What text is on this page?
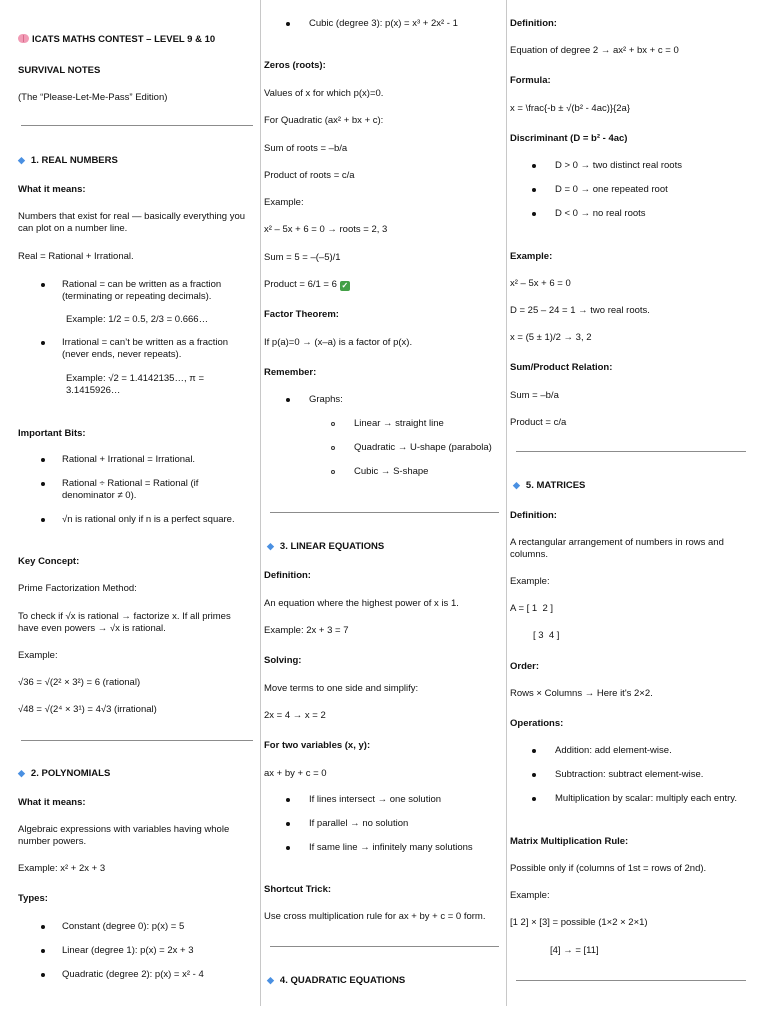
ICATS MATHS CONTEST – LEVEL 9 & 10
SURVIVAL NOTES
(The “Please-Let-Me-Pass” Edition)
◆ 1. REAL NUMBERS
What it means:
Numbers that exist for real — basically everything you can plot on a number line.
Real = Rational + Irrational.
Rational = can be written as a fraction (terminating or repeating decimals).
Example: 1/2 = 0.5, 2/3 = 0.666…
Irrational = can’t be written as a fraction (never ends, never repeats).
Example: √2 = 1.4142135…, π = 3.1415926…
Important Bits:
Rational + Irrational = Irrational.
Rational ÷ Rational = Rational (if denominator ≠ 0).
√n is rational only if n is a perfect square.
Key Concept:
Prime Factorization Method:
To check if √x is rational → factorize x. If all primes have even powers → √x is rational.
Example:
√36 = √(2² × 3²) = 6 (rational)
√48 = √(2⁴ × 3¹) = 4√3 (irrational)
◆ 2. POLYNOMIALS
What it means:
Algebraic expressions with variables having whole number powers.
Example: x² + 2x + 3
Types:
Constant (degree 0): p(x) = 5
Linear (degree 1): p(x) = 2x + 3
Quadratic (degree 2): p(x) = x² - 4
Cubic (degree 3): p(x) = x³ + 2x² - 1
Zeros (roots):
Values of x for which p(x)=0.
For Quadratic (ax² + bx + c):
Sum of roots = –b/a
Product of roots = c/a
Example:
x² – 5x + 6 = 0 → roots = 2, 3
Sum = 5 = –(–5)/1
Product = 6/1 = 6 ✓
Factor Theorem:
If p(a)=0 → (x–a) is a factor of p(x).
Remember:
Graphs:
Linear → straight line
Quadratic → U-shape (parabola)
Cubic → S-shape
◆ 3. LINEAR EQUATIONS
Definition:
An equation where the highest power of x is 1.
Example: 2x + 3 = 7
Solving:
Move terms to one side and simplify:
2x = 4 → x = 2
For two variables (x, y):
ax + by + c = 0
If lines intersect → one solution
If parallel → no solution
If same line → infinitely many solutions
Shortcut Trick:
Use cross multiplication rule for ax + by + c = 0 form.
◆ 4. QUADRATIC EQUATIONS
Definition:
Equation of degree 2 → ax² + bx + c = 0
Formula:
x = \frac{-b ± √(b² - 4ac)}{2a}
Discriminant (D = b² - 4ac)
D > 0 → two distinct real roots
D = 0 → one repeated root
D < 0 → no real roots
Example:
x² – 5x + 6 = 0
D = 25 – 24 = 1 → two real roots.
x = (5 ± 1)/2 → 3, 2
Sum/Product Relation:
Sum = –b/a
Product = c/a
◆ 5. MATRICES
Definition:
A rectangular arrangement of numbers in rows and columns.
Example:
A = [ 1  2 ]
[ 3  4 ]
Order:
Rows × Columns → Here it's 2×2.
Operations:
Addition: add element-wise.
Subtraction: subtract element-wise.
Multiplication by scalar: multiply each entry.
Matrix Multiplication Rule:
Possible only if (columns of 1st = rows of 2nd).
Example:
[1 2] × [3] = possible (1×2 × 2×1)
[4] → = [11]
